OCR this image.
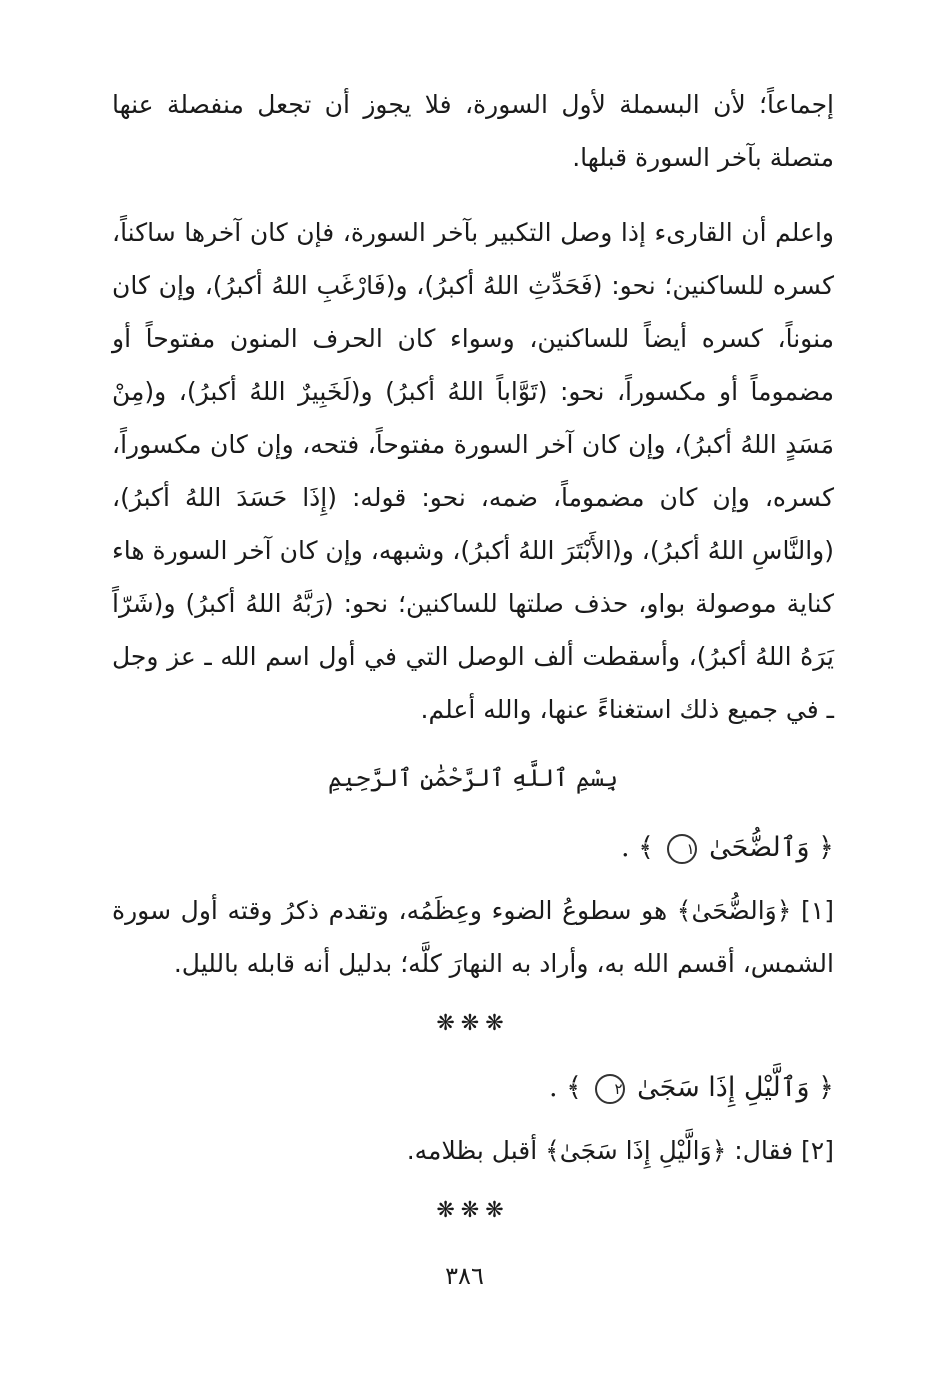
إجماعاً؛ لأن البسملة لأول السورة، فلا يجوز أن تجعل منفصلة عنها متصلة بآخر السورة قبلها.

واعلم أن القارىء إذا وصل التكبير بآخر السورة، فإن كان آخرها ساكناً، كسره للساكنين؛ نحو: (فَحَدِّثِ اللهُ أكبرُ)، و(فَارْغَبِ اللهُ أكبرُ)، وإن كان منوناً، كسره أيضاً للساكنين، وسواء كان الحرف المنون مفتوحاً أو مضموماً أو مكسوراً، نحو: (تَوَّاباً اللهُ أكبرُ) و(لَخَبِيرٌ اللهُ أكبرُ)، و(مِنْ مَسَدٍ اللهُ أكبرُ)، وإن كان آخر السورة مفتوحاً، فتحه، وإن كان مكسوراً، كسره، وإن كان مضموماً، ضمه، نحو: قوله: (إِذَا حَسَدَ اللهُ أكبرُ)، (والنَّاسِ اللهُ أكبرُ)، و(الأَبْتَرَ اللهُ أكبرُ)، وشبهه، وإن كان آخر السورة هاء كناية موصولة بواو، حذف صلتها للساكنين؛ نحو: (رَبَّهُ اللهُ أكبرُ) و(شَرّاً يَرَهُ اللهُ أكبرُ)، وأسقطت ألف الوصل التي في أول اسم الله ـ عز وجل ـ في جميع ذلك استغناءً عنها، والله أعلم.

بِسْمِ ٱللَّهِ ٱلرَّحْمَٰنِ ٱلرَّحِيمِ
﴿ وَٱلضُّحَىٰ ١ ﴾ .

[١] ﴿وَالضُّحَىٰ﴾ هو سطوعُ الضوء وعِظَمُه، وتقدم ذكرُ وقته أول سورة الشمس، أقسم الله به، وأراد به النهارَ كلَّه؛ بدليل أنه قابله بالليل.

❋❋❋
﴿ وَٱلَّيْلِ إِذَا سَجَىٰ ٢ ﴾ .

[٢] فقال: ﴿وَالَّيْلِ إِذَا سَجَىٰ﴾ أقبل بظلامه.

❋❋❋
٣٨٦
